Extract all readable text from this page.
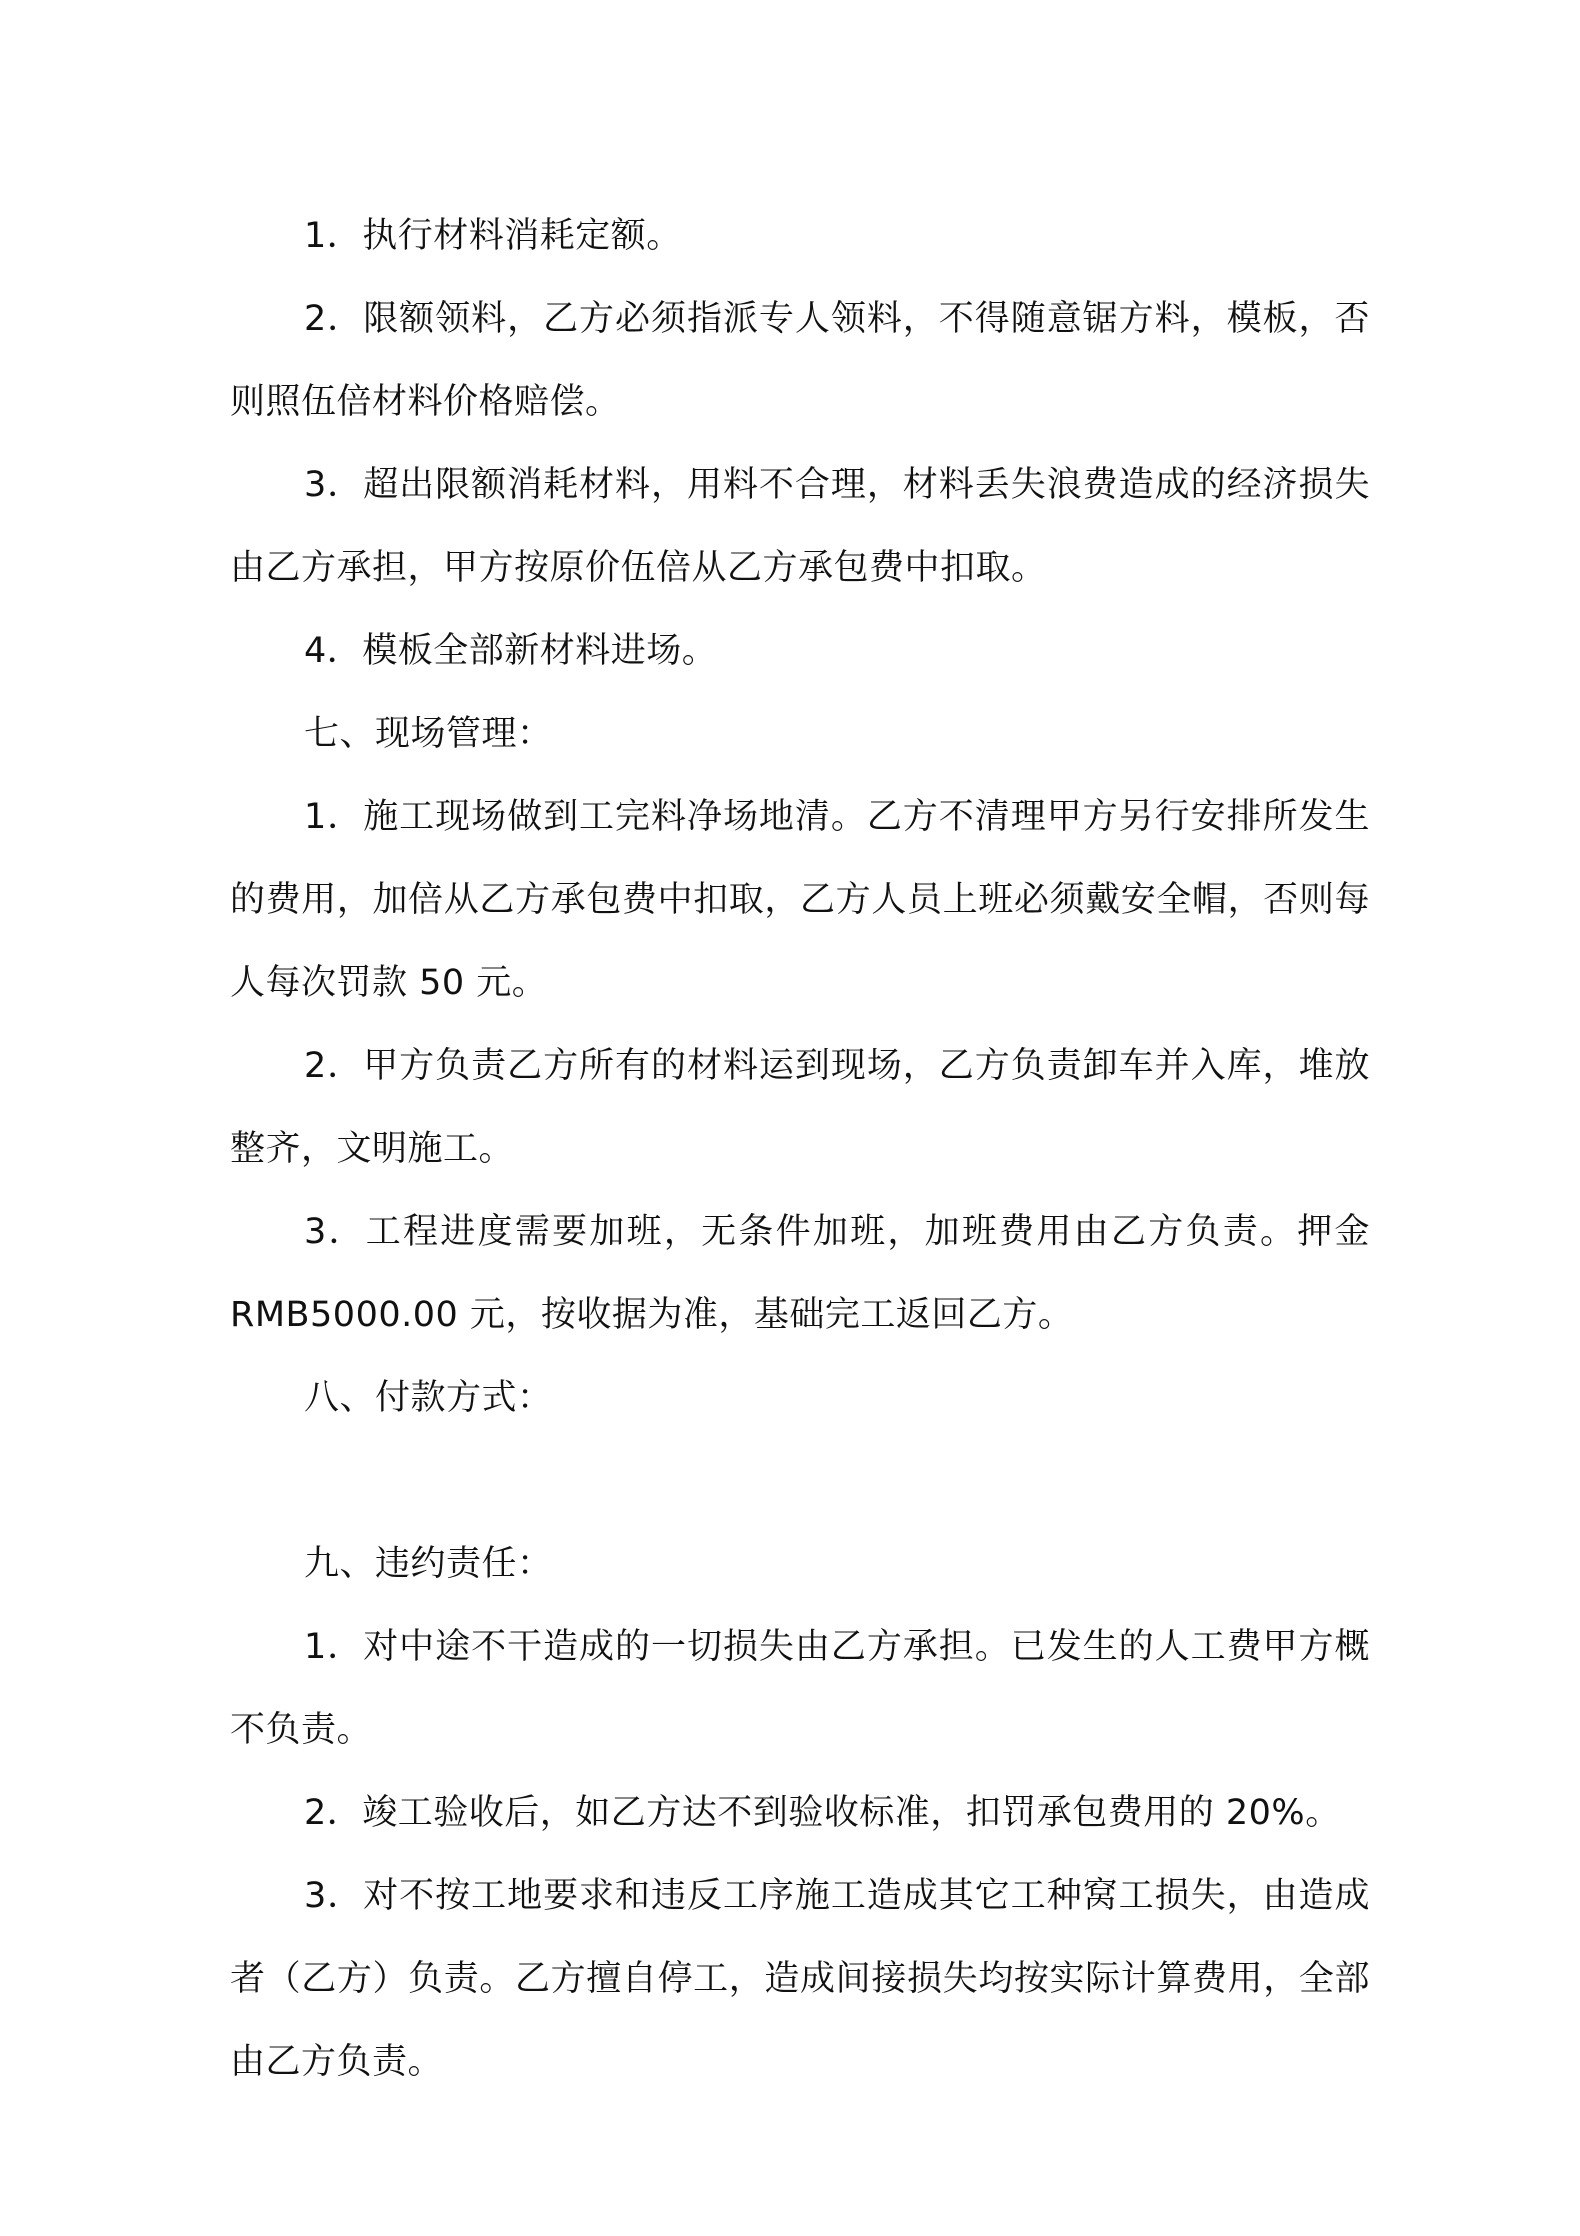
1．执行材料消耗定额。

2．限额领料，乙方必须指派专人领料，不得随意锯方料，模板，否则照伍倍材料价格赔偿。

3．超出限额消耗材料，用料不合理，材料丢失浪费造成的经济损失由乙方承担，甲方按原价伍倍从乙方承包费中扣取。

4．模板全部新材料进场。

七、现场管理：

1．施工现场做到工完料净场地清。乙方不清理甲方另行安排所发生的费用，加倍从乙方承包费中扣取，乙方人员上班必须戴安全帽，否则每人每次罚款 50 元。

2．甲方负责乙方所有的材料运到现场，乙方负责卸车并入库，堆放整齐，文明施工。

3．工程进度需要加班，无条件加班，加班费用由乙方负责。押金 RMB5000.00 元，按收据为准，基础完工返回乙方。

八、付款方式：

九、违约责任：

1．对中途不干造成的一切损失由乙方承担。已发生的人工费甲方概不负责。

2．竣工验收后，如乙方达不到验收标准，扣罚承包费用的 20%。

3．对不按工地要求和违反工序施工造成其它工种窝工损失，由造成者（乙方）负责。乙方擅自停工，造成间接损失均按实际计算费用，全部由乙方负责。
